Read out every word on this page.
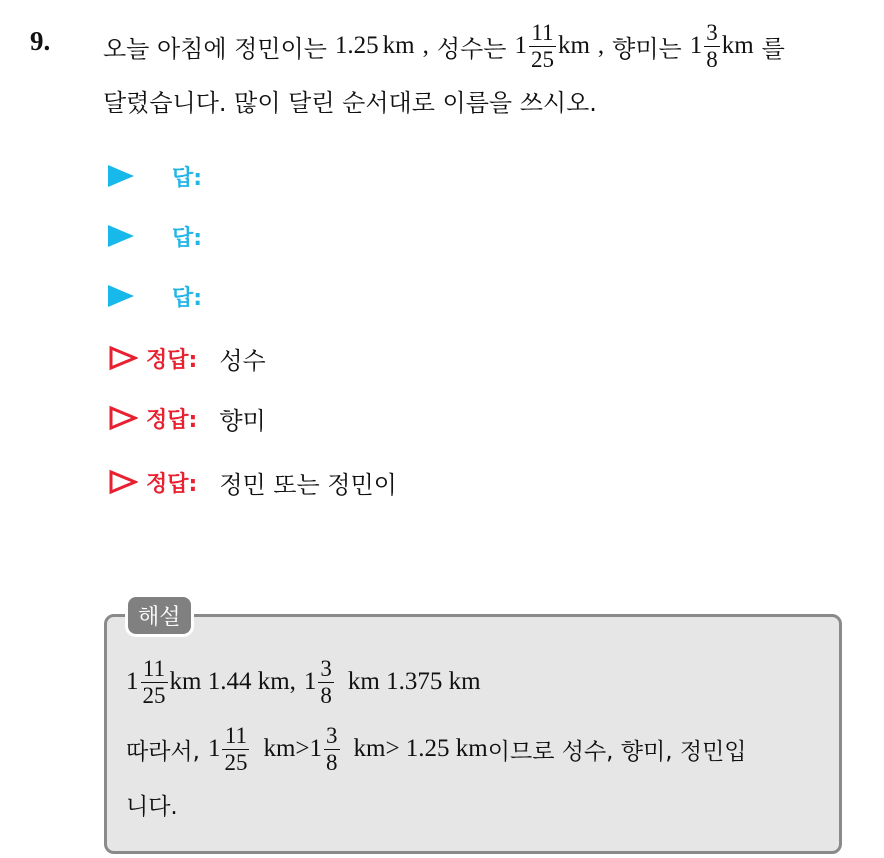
9. 오늘 아침에 정민이는 1.25 km , 성수는 $1 \frac{11}{25}$ km , 향미는 $1 \frac{3}{8}$ km 를
달렸습니다. 많이 달린 순서대로 이름을 쓰시오.
답:
답:
답:
정답: 성수
정답: 향미
정답: 정민 또는 정민이
해설
$1 \frac{11}{25}$ km 1.44 km, $1 \frac{3}{8}$ km 1.375 km
따라서, $1 \frac{11}{25} km>1 \frac{3}{8} km> 1.25$ km 이므로 성수, 향미, 정민입
니다.
